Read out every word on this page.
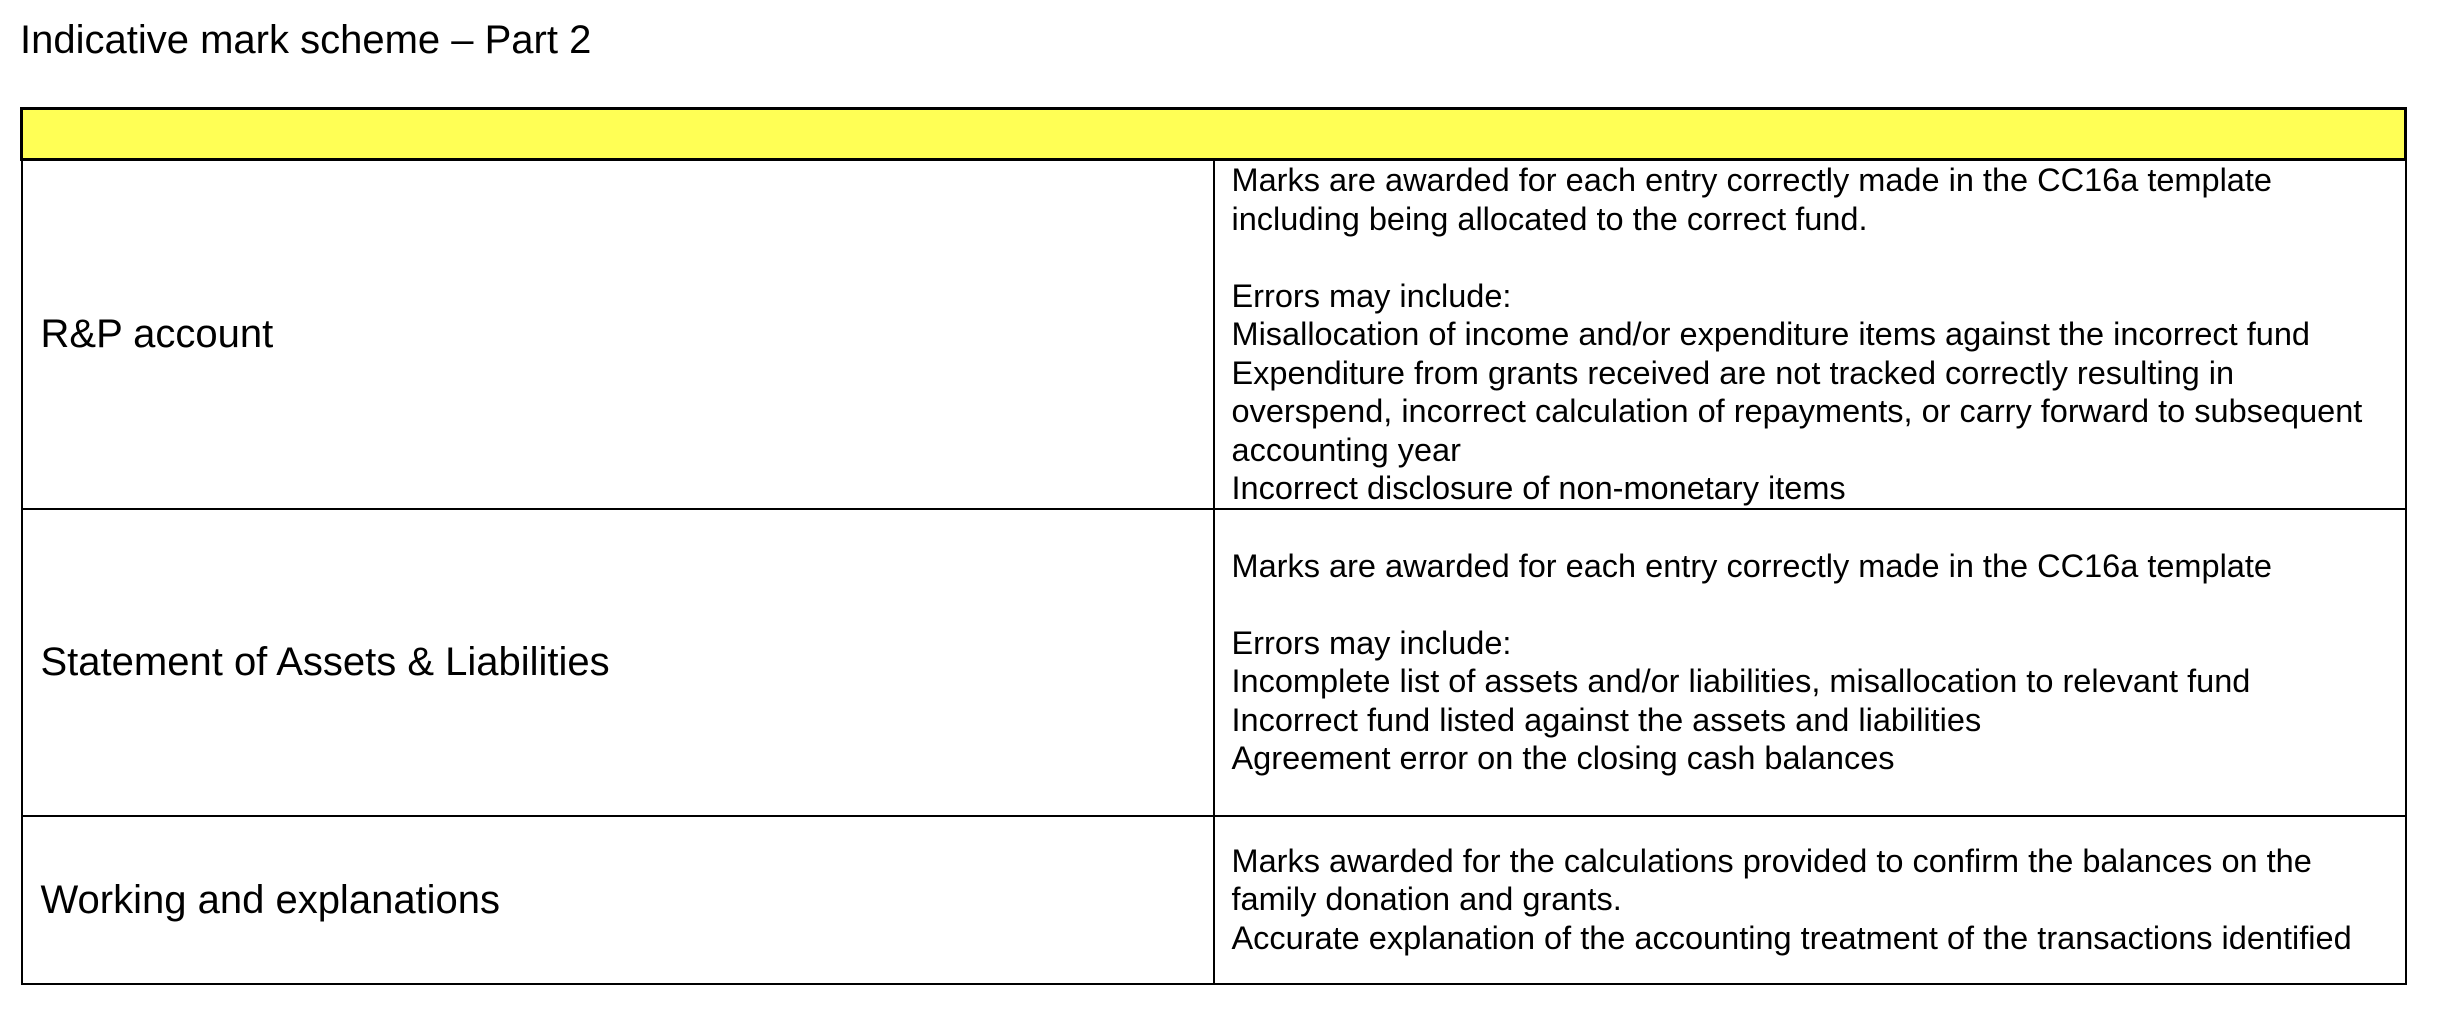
Indicative mark scheme – Part 2

R&P account	Marks are awarded for each entry correctly made in the CC16a template including being allocated to the correct fund.
Errors may include:
Misallocation of income and/or expenditure items against the incorrect fund
Expenditure from grants received are not tracked correctly resulting in overspend, incorrect calculation of repayments, or carry forward to subsequent accounting year
Incorrect disclosure of non-monetary items

Statement of Assets & Liabilities	Marks are awarded for each entry correctly made in the CC16a template
Errors may include:
Incomplete list of assets and/or liabilities, misallocation to relevant fund
Incorrect fund listed against the assets and liabilities
Agreement error on the closing cash balances

Working and explanations	Marks awarded for the calculations provided to confirm the balances on the family donation and grants.
Accurate explanation of the accounting treatment of the transactions identified
